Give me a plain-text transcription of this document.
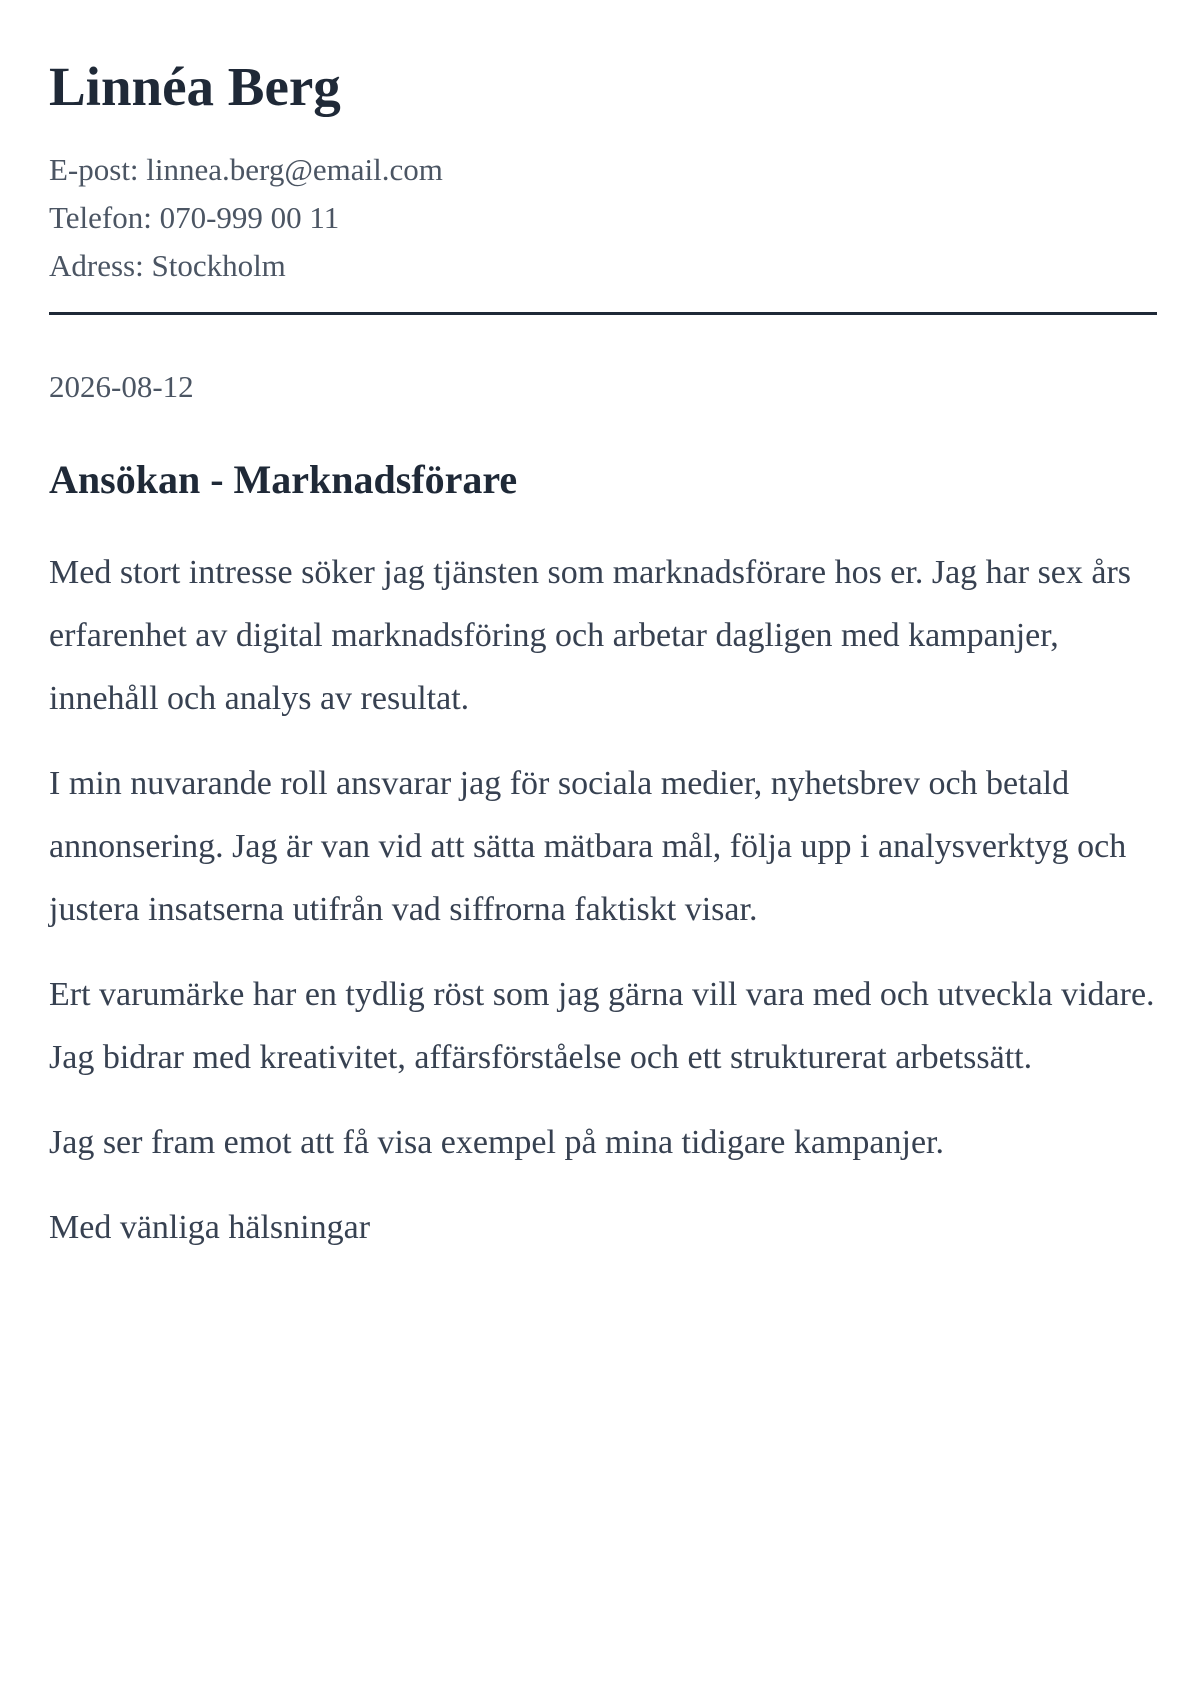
Linnéa Berg
E-post: linnea.berg@email.com
Telefon: 070-999 00 11
Adress: Stockholm
2026-08-12
Ansökan - Marknadsförare

Med stort intresse söker jag tjänsten som marknadsförare hos er. Jag har sex års erfarenhet av digital marknadsföring och arbetar dagligen med kampanjer, innehåll och analys av resultat.

I min nuvarande roll ansvarar jag för sociala medier, nyhetsbrev och betald annonsering. Jag är van vid att sätta mätbara mål, följa upp i analysverktyg och justera insatserna utifrån vad siffrorna faktiskt visar.

Ert varumärke har en tydlig röst som jag gärna vill vara med och utveckla vidare. Jag bidrar med kreativitet, affärsförståelse och ett strukturerat arbetssätt.

Jag ser fram emot att få visa exempel på mina tidigare kampanjer.

Med vänliga hälsningar
